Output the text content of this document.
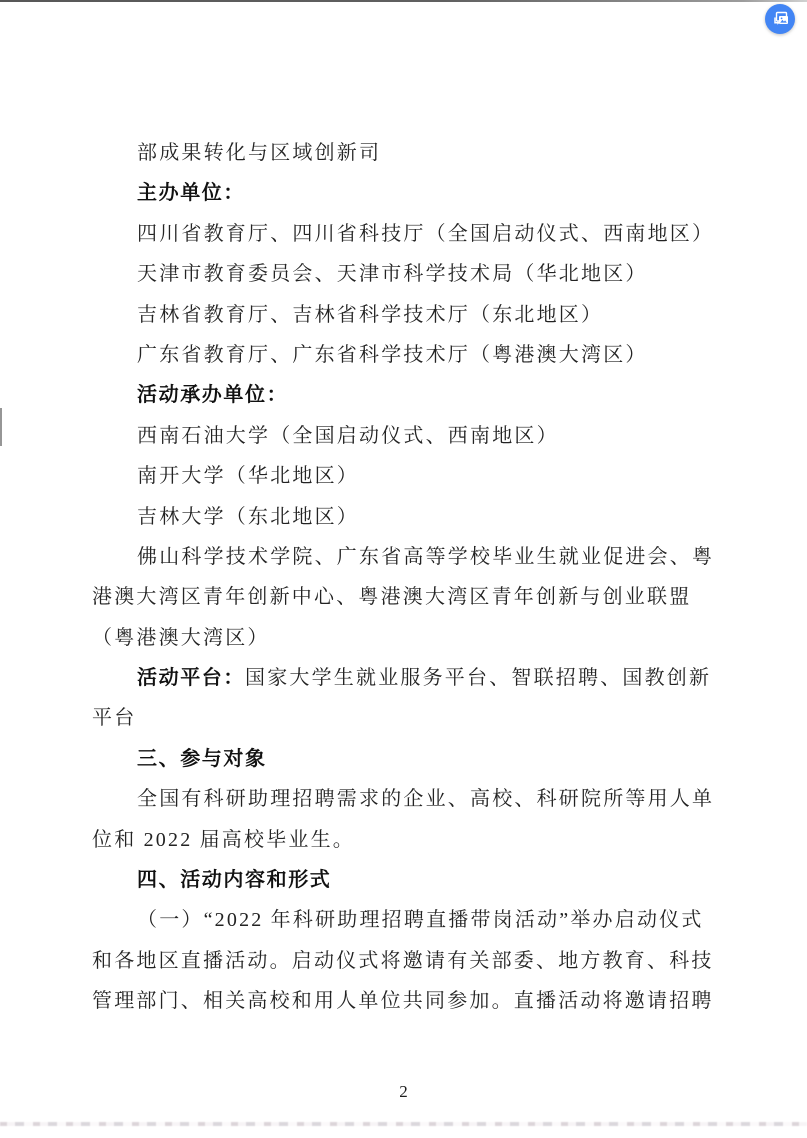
部成果转化与区域创新司
主办单位：
四川省教育厅、四川省科技厅（全国启动仪式、西南地区）
天津市教育委员会、天津市科学技术局（华北地区）
吉林省教育厅、吉林省科学技术厅（东北地区）
广东省教育厅、广东省科学技术厅（粤港澳大湾区）
活动承办单位：
西南石油大学（全国启动仪式、西南地区）
南开大学（华北地区）
吉林大学（东北地区）
佛山科学技术学院、广东省高等学校毕业生就业促进会、粤
港澳大湾区青年创新中心、粤港澳大湾区青年创新与创业联盟
（粤港澳大湾区）
活动平台：国家大学生就业服务平台、智联招聘、国教创新
平台
三、参与对象
全国有科研助理招聘需求的企业、高校、科研院所等用人单
位和 2022 届高校毕业生。
四、活动内容和形式
（一）“2022 年科研助理招聘直播带岗活动”举办启动仪式
和各地区直播活动。启动仪式将邀请有关部委、地方教育、科技
管理部门、相关高校和用人单位共同参加。直播活动将邀请招聘
2
